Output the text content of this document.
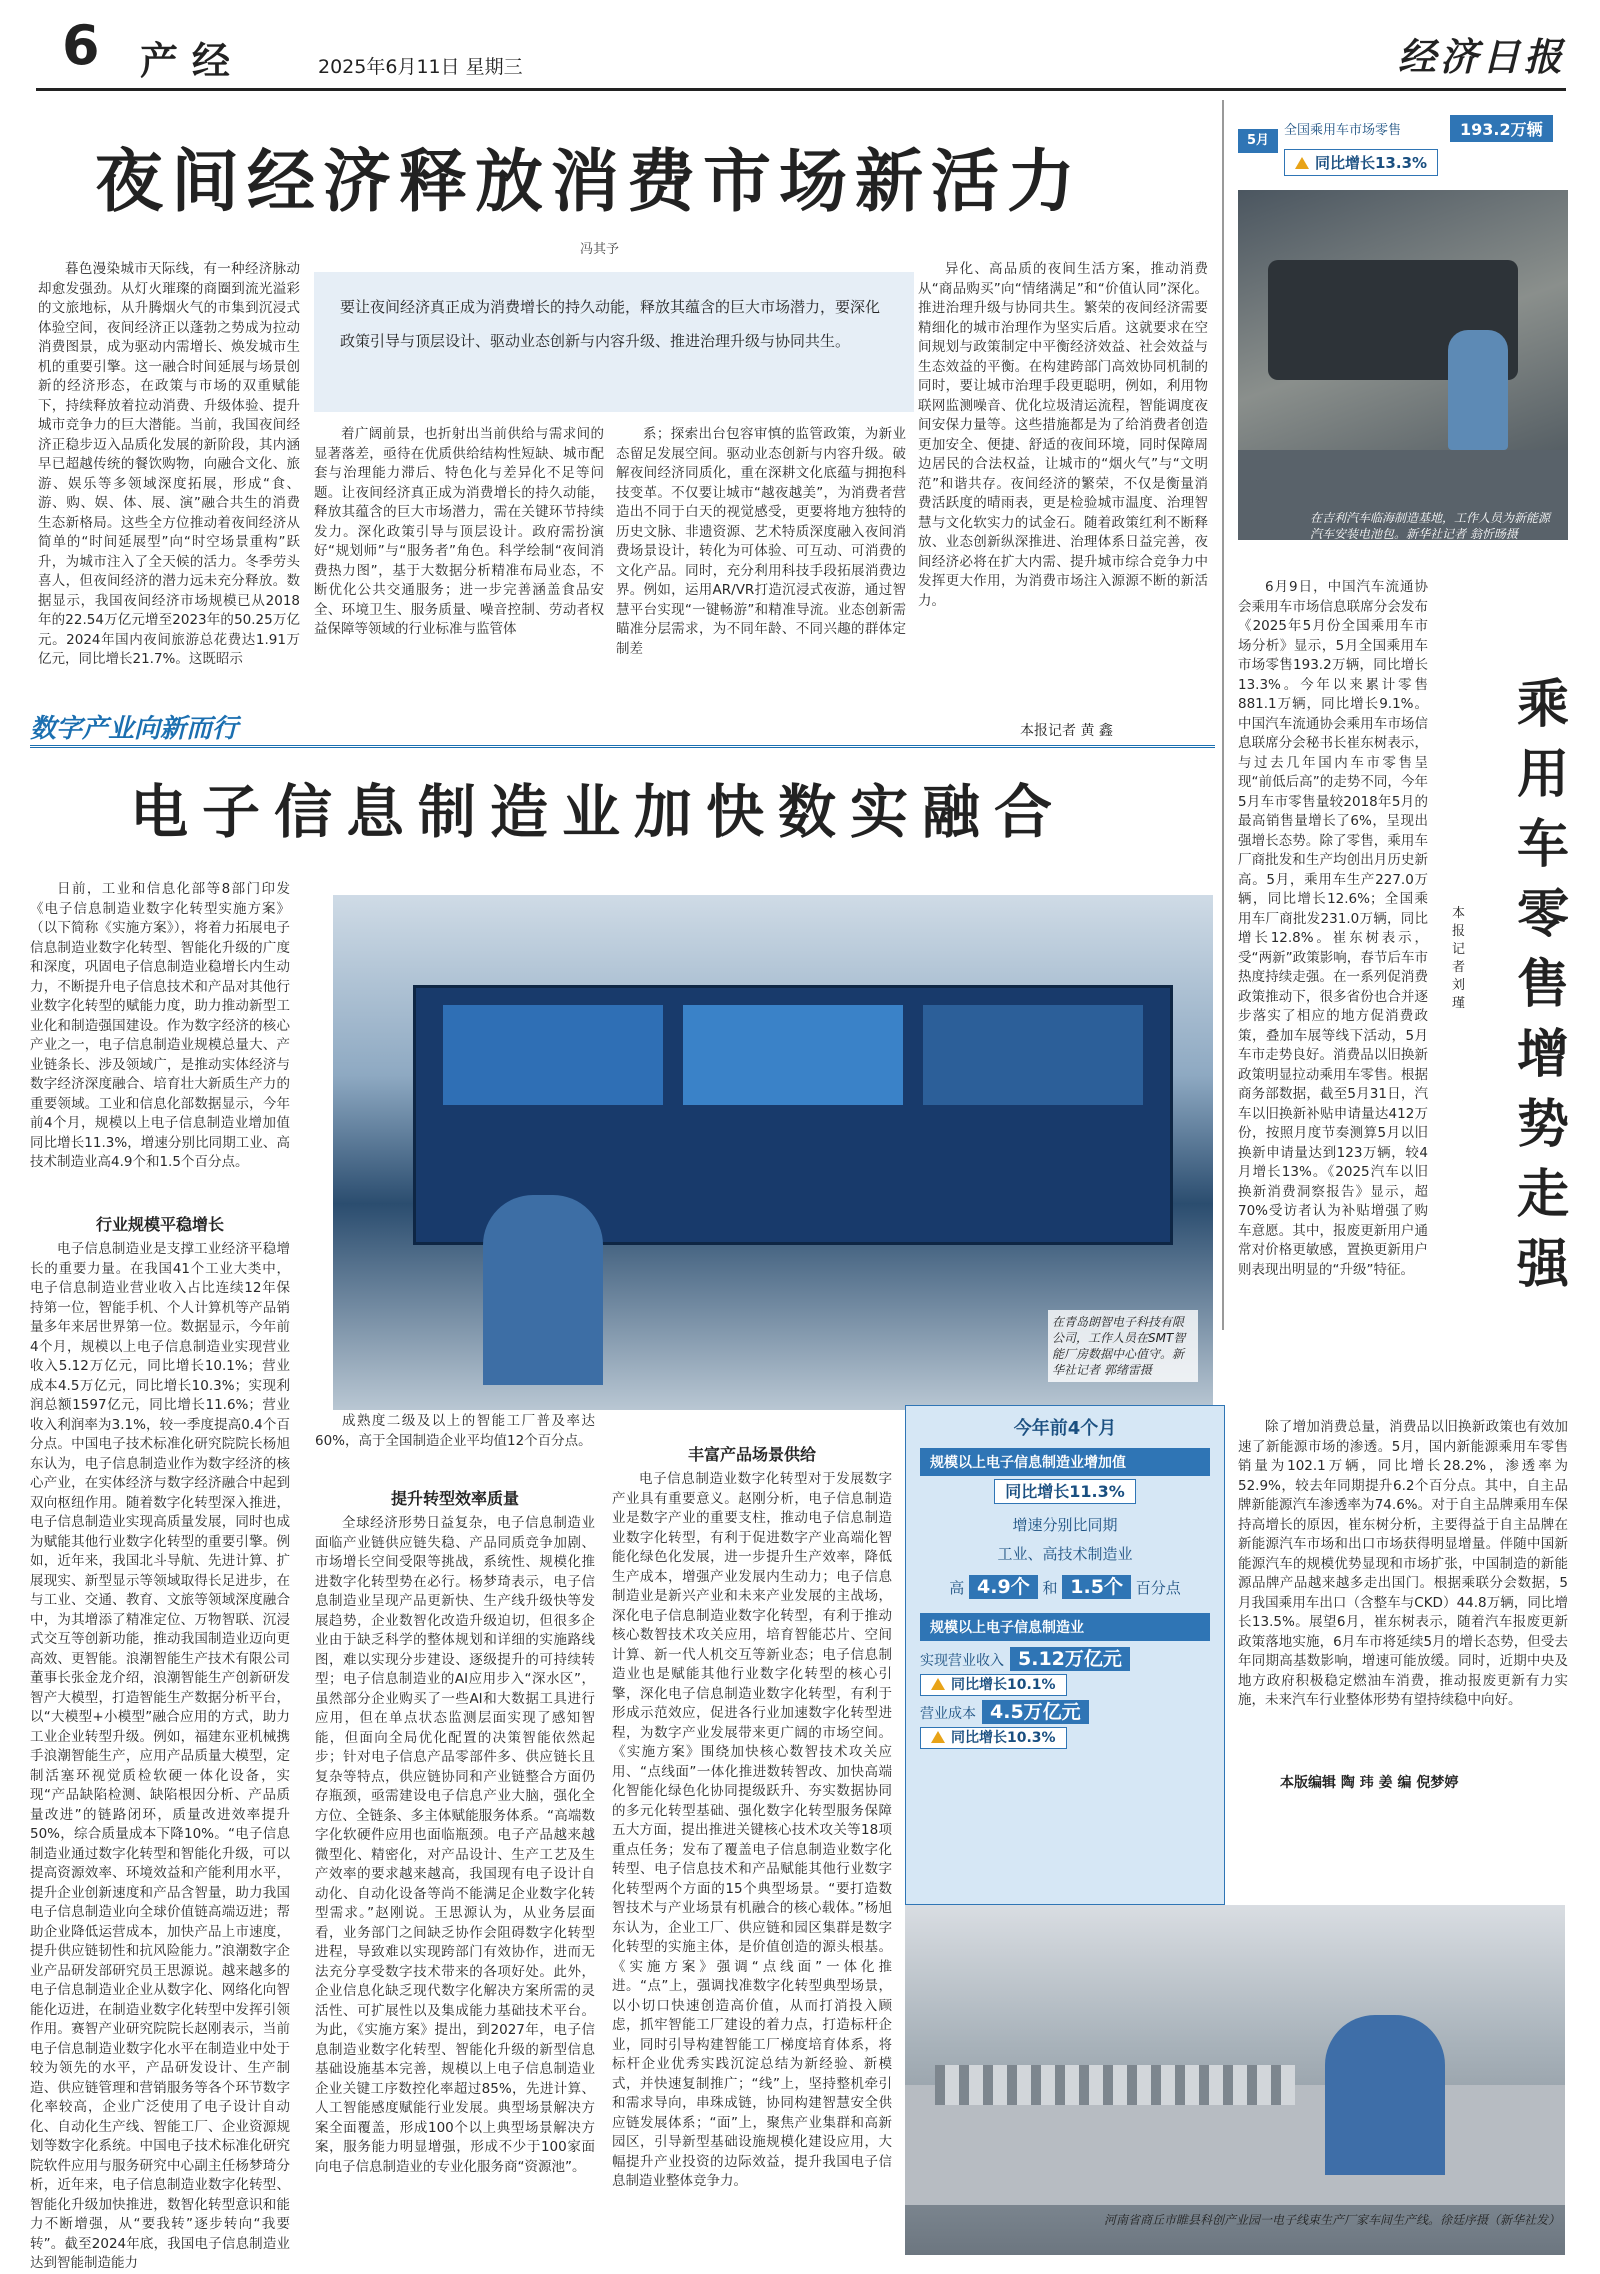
6 产经	2025年6月11日 星期三	经济日报
夜间经济释放消费市场新活力
冯其予

暮色漫染城市天际线，有一种经济脉动却愈发强劲。从灯火璀璨的商圈到流光溢彩的文旅地标，从升腾烟火气的市集到沉浸式体验空间，夜间经济正以蓬勃之势成为拉动消费图景，成为驱动内需增长、焕发城市生机的重要引擎。这一融合时间延展与场景创新的经济形态，在政策与市场的双重赋能下，持续释放着拉动消费、升级体验、提升城市竞争力的巨大潜能。当前，我国夜间经济正稳步迈入品质化发展的新阶段，其内涵早已超越传统的餐饮购物，向融合文化、旅游、娱乐等多领域深度拓展，形成“食、游、购、娱、体、展、演”融合共生的消费生态新格局。这些全方位推动着夜间经济从简单的“时间延展型”向“时空场景重构”跃升，为城市注入了全天候的活力。冬季劳头喜人，但夜间经济的潜力远未充分释放。数据显示，我国夜间经济市场规模已从2018年的22.54万亿元增至2023年的50.25万亿元。2024年国内夜间旅游总花费达1.91万亿元，同比增长21.7%。这既昭示

要让夜间经济真正成为消费增长的持久动能，释放其蕴含的巨大市场潜力，要深化政策引导与顶层设计、驱动业态创新与内容升级、推进治理升级与协同共生。

着广阔前景，也折射出当前供给与需求间的显著落差，亟待在优质供给结构性短缺、城市配套与治理能力滞后、特色化与差异化不足等问题。让夜间经济真正成为消费增长的持久动能，释放其蕴含的巨大市场潜力，需在关键环节持续发力。深化政策引导与顶层设计。政府需扮演好“规划师”与“服务者”角色。科学绘制“夜间消费热力图”，基于大数据分析精准布局业态，不断优化公共交通服务；进一步完善涵盖食品安全、环境卫生、服务质量、噪音控制、劳动者权益保障等领域的行业标准与监管体

系；探索出台包容审慎的监管政策，为新业态留足发展空间。驱动业态创新与内容升级。破解夜间经济同质化，重在深耕文化底蕴与拥抱科技变革。不仅要让城市“越夜越美”，为消费者营造出不同于白天的视觉感受，更要将地方独特的历史文脉、非遗资源、艺术特质深度融入夜间消费场景设计，转化为可体验、可互动、可消费的文化产品。同时，充分利用科技手段拓展消费边界。例如，运用AR/VR打造沉浸式夜游，通过智慧平台实现“一键畅游”和精准导流。业态创新需瞄准分层需求，为不同年龄、不同兴趣的群体定制差

异化、高品质的夜间生活方案，推动消费从“商品购买”向“情绪满足”和“价值认同”深化。推进治理升级与协同共生。繁荣的夜间经济需要精细化的城市治理作为坚实后盾。这就要求在空间规划与政策制定中平衡经济效益、社会效益与生态效益的平衡。在构建跨部门高效协同机制的同时，要让城市治理手段更聪明，例如，利用物联网监测噪音、优化垃圾清运流程，智能调度夜间安保力量等。这些措施都是为了给消费者创造更加安全、便捷、舒适的夜间环境，同时保障周边居民的合法权益，让城市的“烟火气”与“文明范”和谐共存。夜间经济的繁荣，不仅是衡量消费活跃度的晴雨表，更是检验城市温度、治理智慧与文化软实力的试金石。随着政策红利不断释放、业态创新纵深推进、治理体系日益完善，夜间经济必将在扩大内需、提升城市综合竞争力中发挥更大作用，为消费市场注入源源不断的新活力。

5月
全国乘用车市场零售	193.2万辆
同比增长13.3%
在吉利汽车临海制造基地，工作人员为新能源汽车安装电池包。新华社记者 翁忻旸摄

6月9日，中国汽车流通协会乘用车市场信息联席分会发布《2025年5月份全国乘用车市场分析》显示，5月全国乘用车市场零售193.2万辆，同比增长13.3%。今年以来累计零售881.1万辆，同比增长9.1%。中国汽车流通协会乘用车市场信息联席分会秘书长崔东树表示，与过去几年国内车市零售呈现“前低后高”的走势不同，今年5月车市零售量较2018年5月的最高销售量增长了6%，呈现出强增长态势。除了零售，乘用车厂商批发和生产均创出月历史新高。5月，乘用车生产227.0万辆，同比增长12.6%；全国乘用车厂商批发231.0万辆，同比增长12.8%。崔东树表示，受“两新”政策影响，春节后车市热度持续走强。在一系列促消费政策推动下，很多省份也合并逐步落实了相应的地方促消费政策，叠加车展等线下活动，5月车市走势良好。消费品以旧换新政策明显拉动乘用车零售。根据商务部数据，截至5月31日，汽车以旧换新补贴申请量达412万份，按照月度节奏测算5月以旧换新申请量达到123万辆，较4月增长13%。《2025汽车以旧换新消费洞察报告》显示，超70%受访者认为补贴增强了购车意愿。其中，报废更新用户通常对价格更敏感，置换更新用户则表现出明显的“升级”特征。

乘用车零售增势走强
本报记者 刘瑾

除了增加消费总量，消费品以旧换新政策也有效加速了新能源市场的渗透。5月，国内新能源乘用车零售销量为102.1万辆，同比增长28.2%，渗透率为52.9%，较去年同期提升6.2个百分点。其中，自主品牌新能源汽车渗透率为74.6%。对于自主品牌乘用车保持高增长的原因，崔东树分析，主要得益于自主品牌在新能源汽车市场和出口市场获得明显增量。伴随中国新能源汽车的规模优势显现和市场扩张，中国制造的新能源品牌产品越来越多走出国门。根据乘联分会数据，5月我国乘用车出口（含整车与CKD）44.8万辆，同比增长13.5%。展望6月，崔东树表示，随着汽车报废更新政策落地实施，6月车市将延续5月的增长态势，但受去年同期高基数影响，增速可能放缓。同时，近期中央及地方政府积极稳定燃油车消费，推动报废更新有力实施，未来汽车行业整体形势有望持续稳中向好。

本版编辑 陶 玮 姜 编 倪梦婷
数字产业向新而行	本报记者 黄 鑫
电子信息制造业加快数实融合

日前，工业和信息化部等8部门印发《电子信息制造业数字化转型实施方案》（以下简称《实施方案》），将着力拓展电子信息制造业数字化转型、智能化升级的广度和深度，巩固电子信息制造业稳增长内生动力，不断提升电子信息技术和产品对其他行业数字化转型的赋能力度，助力推动新型工业化和制造强国建设。作为数字经济的核心产业之一，电子信息制造业规模总量大、产业链条长、涉及领域广，是推动实体经济与数字经济深度融合、培育壮大新质生产力的重要领域。工业和信息化部数据显示，今年前4个月，规模以上电子信息制造业增加值同比增长11.3%，增速分别比同期工业、高技术制造业高4.9个和1.5个百分点。

行业规模平稳增长

电子信息制造业是支撑工业经济平稳增长的重要力量。在我国41个工业大类中，电子信息制造业营业收入占比连续12年保持第一位，智能手机、个人计算机等产品销量多年来居世界第一位。数据显示，今年前4个月，规模以上电子信息制造业实现营业收入5.12万亿元，同比增长10.1%；营业成本4.5万亿元，同比增长10.3%；实现利润总额1597亿元，同比增长11.6%；营业收入利润率为3.1%，较一季度提高0.4个百分点。中国电子技术标准化研究院院长杨旭东认为，电子信息制造业作为数字经济的核心产业，在实体经济与数字经济融合中起到双向枢纽作用。随着数字化转型深入推进，电子信息制造业实现高质量发展，同时也成为赋能其他行业数字化转型的重要引擎。例如，近年来，我国北斗导航、先进计算、扩展现实、新型显示等领域取得长足进步，在与工业、交通、教育、文旅等领域深度融合中，为其增添了精准定位、万物智联、沉浸式交互等创新功能，推动我国制造业迈向更高效、更智能。浪潮智能生产技术有限公司董事长张金龙介绍，浪潮智能生产创新研发智产大模型，打造智能生产数据分析平台，以“大模型+小模型”融合应用的方式，助力工业企业转型升级。例如，福建东亚机械携手浪潮智能生产，应用产品质量大模型，定制活塞环视觉质检软硬一体化设备，实现“产品缺陷检测、缺陷根因分析、产品质量改进”的链路闭环，质量改进效率提升50%，综合质量成本下降10%。“电子信息制造业通过数字化转型和智能化升级，可以提高资源效率、环境效益和产能利用水平，提升企业创新速度和产品含智量，助力我国电子信息制造业向全球价值链高端迈进；帮助企业降低运营成本，加快产品上市速度，提升供应链韧性和抗风险能力。”浪潮数字企业产品研发部研究员王思源说。越来越多的电子信息制造业企业从数字化、网络化向智能化迈进，在制造业数字化转型中发挥引领作用。赛智产业研究院院长赵刚表示，当前电子信息制造业数字化水平在制造业中处于较为领先的水平，产品研发设计、生产制造、供应链管理和营销服务等各个环节数字化率较高，企业广泛使用了电子设计自动化、自动化生产线、智能工厂、企业资源规划等数字化系统。中国电子技术标准化研究院软件应用与服务研究中心副主任杨梦琦分析，近年来，电子信息制造业数字化转型、智能化升级加快推进，数智化转型意识和能力不断增强，从“要我转”逐步转向“我要转”。截至2024年底，我国电子信息制造业达到智能制造能力

在青岛朗智电子科技有限公司，工作人员在SMT智能厂房数据中心值守。新华社记者 郭绪雷摄

成熟度二级及以上的智能工厂普及率达60%，高于全国制造企业平均值12个百分点。

提升转型效率质量

全球经济形势日益复杂，电子信息制造业面临产业链供应链失稳、产品同质竞争加剧、市场增长空间受限等挑战，系统性、规模化推进数字化转型势在必行。杨梦琦表示，电子信息制造业呈现产品更新快、生产线升级快等发展趋势，企业数智化改造升级迫切，但很多企业由于缺乏科学的整体规划和详细的实施路线图，难以实现分步建设、逐级提升的可持续转型；电子信息制造业的AI应用步入“深水区”，虽然部分企业购买了一些AI和大数据工具进行应用，但在单点状态监测层面实现了感知智能，但面向全局优化配置的决策智能依然起步；针对电子信息产品零部件多、供应链长且复杂等特点，供应链协同和产业链整合方面仍存瓶颈，亟需建设电子信息产业大脑，强化全方位、全链条、多主体赋能服务体系。“高端数字化软硬件应用也面临瓶颈。电子产品越来越微型化、精密化，对产品设计、生产工艺及生产效率的要求越来越高，我国现有电子设计自动化、自动化设备等尚不能满足企业数字化转型需求。”赵刚说。王思源认为，从业务层面看，业务部门之间缺乏协作会阻碍数字化转型进程，导致难以实现跨部门有效协作，进而无法充分享受数字技术带来的各项好处。此外，企业信息化缺乏现代数字化解决方案所需的灵活性、可扩展性以及集成能力基础技术平台。为此，《实施方案》提出，到2027年，电子信息制造业数字化转型、智能化升级的新型信息基础设施基本完善，规模以上电子信息制造业企业关键工序数控化率超过85%，先进计算、人工智能感度赋能行业发展。典型场景解决方案全面覆盖，形成100个以上典型场景解决方案，服务能力明显增强，形成不少于100家面向电子信息制造业的专业化服务商“资源池”。

丰富产品场景供给

电子信息制造业数字化转型对于发展数字产业具有重要意义。赵刚分析，电子信息制造业是数字产业的重要支柱，推动电子信息制造业数字化转型，有利于促进数字产业高端化智能化绿色化发展，进一步提升生产效率，降低生产成本，增强产业发展内生动力；电子信息制造业是新兴产业和未来产业发展的主战场，深化电子信息制造业数字化转型，有利于推动核心数智技术攻关应用，培育智能芯片、空间计算、新一代人机交互等新业态；电子信息制造业也是赋能其他行业数字化转型的核心引擎，深化电子信息制造业数字化转型，有利于形成示范效应，促进各行业加速数字化转型进程，为数字产业发展带来更广阔的市场空间。《实施方案》围绕加快核心数智技术攻关应用、“点线面”一体化推进数转智改、加快高端化智能化绿色化协同提级跃升、夯实数据协同的多元化转型基础、强化数字化转型服务保障五大方面，提出推进关键核心技术攻关等18项重点任务；发布了覆盖电子信息制造业数字化转型、电子信息技术和产品赋能其他行业数字化转型两个方面的15个典型场景。“要打造数智技术与产业场景有机融合的核心载体。”杨旭东认为，企业工厂、供应链和园区集群是数字化转型的实施主体，是价值创造的源头根基。《实施方案》强调“点线面”一体化推进。“点”上，强调找准数字化转型典型场景，以小切口快速创造高价值，从而打消投入顾虑，抓牢智能工厂建设的着力点，打造标杆企业，同时引导构建智能工厂梯度培育体系，将标杆企业优秀实践沉淀总结为新经验、新模式，并快速复制推广；“线”上，坚持整机牵引和需求导向，串珠成链，协同构建智慧安全供应链发展体系；“面”上，聚焦产业集群和高新园区，引导新型基础设施规模化建设应用，大幅提升产业投资的边际效益，提升我国电子信息制造业整体竞争力。

今年前4个月
规模以上电子信息制造业增加值
同比增长11.3%
增速分别比同期
工业、高技术制造业
高 4.9个 和 1.5个 百分点
规模以上电子信息制造业
实现营业收入 5.12万亿元
同比增长10.1%
营业成本 4.5万亿元
同比增长10.3%
河南省商丘市睢县科创产业园一电子线束生产厂家车间生产线。徐廷序摄（新华社发）
